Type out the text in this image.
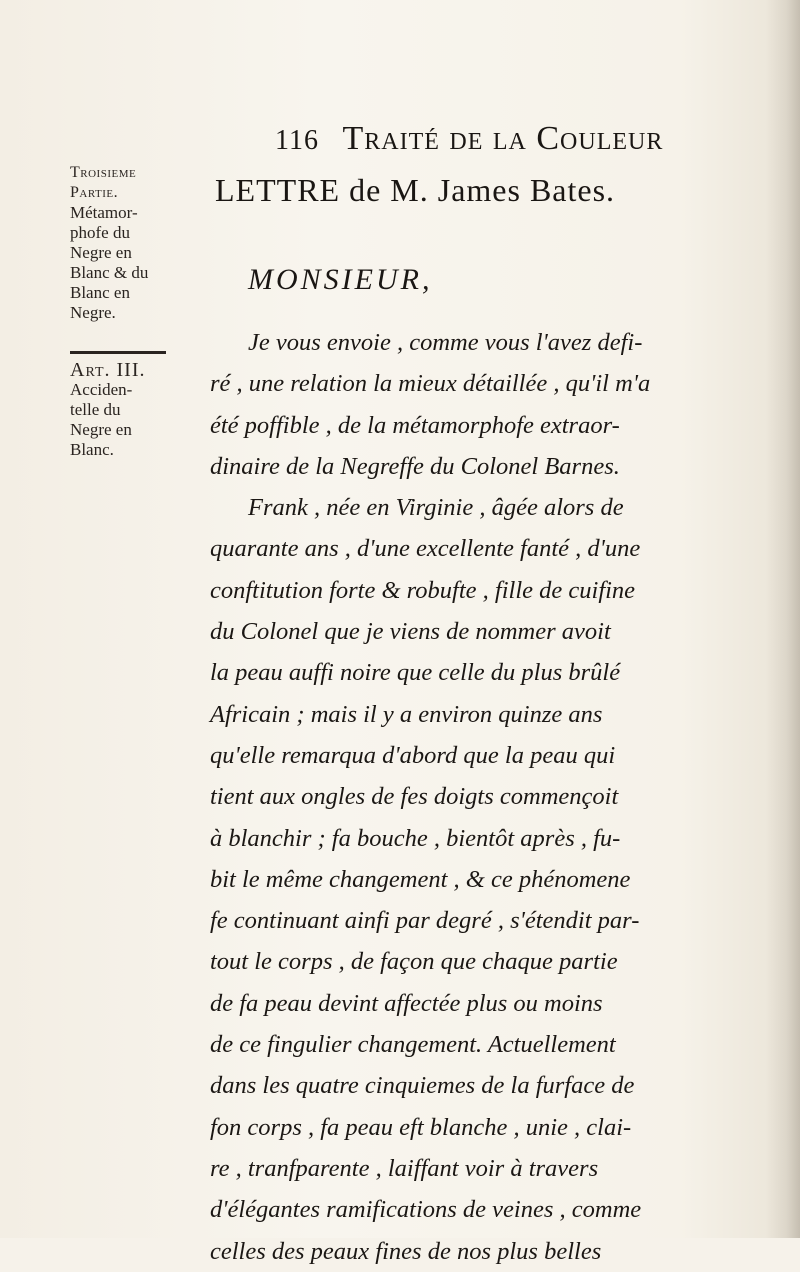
116 Traité de la Couleur
Troisieme
Partie.
Métamor-
phofe du
Negre en
Blanc & du
Blanc en
Negre.
Art. III.
Acciden-
telle du
Negre en
Blanc.
LETTRE de M. James Bates.
MONSIEUR,
Je vous envoie , comme vous l'avez defi-
ré , une relation la mieux détaillée , qu'il m'a
été poffible , de la métamorphofe extraor-
dinaire de la Negreffe du Colonel Barnes.
Frank , née en Virginie , âgée alors de
quarante ans , d'une excellente fanté , d'une
conftitution forte & robufte , fille de cuifine
du Colonel que je viens de nommer avoit
la peau auffi noire que celle du plus brûlé
Africain ; mais il y a environ quinze ans
qu'elle remarqua d'abord que la peau qui
tient aux ongles de fes doigts commençoit
à blanchir ; fa bouche , bientôt après , fu-
bit le même changement , & ce phénomene
fe continuant ainfi par degré , s'étendit par-
tout le corps , de façon que chaque partie
de fa peau devint affectée plus ou moins
de ce fingulier changement. Actuellement
dans les quatre cinquiemes de la furface de
fon corps , fa peau eft blanche , unie , clai-
re , tranfparente , laiffant voir à travers
d'élégantes ramifications de veines , comme
celles des peaux fines de nos plus belles
